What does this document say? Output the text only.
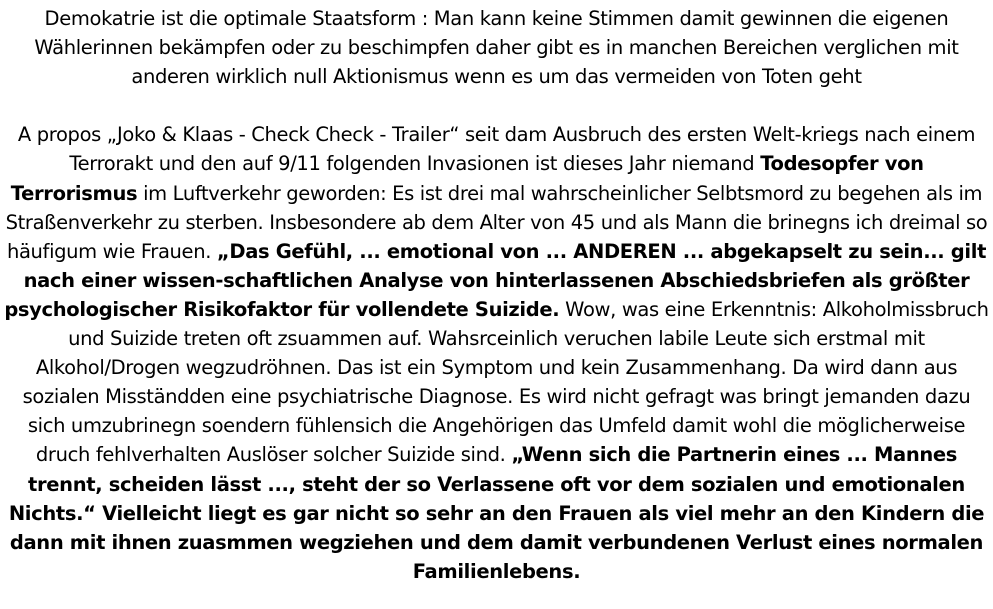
Demokatrie ist die optimale Staatsform : Man kann keine Stimmen damit gewinnen die eigenen Wählerinnen bekämpfen oder zu beschimpfen daher gibt es in manchen Bereichen verglichen mit anderen wirklich null Aktionismus wenn es um das vermeiden von Toten geht

A propos „Joko & Klaas - Check Check - Trailer“ seit dam Ausbruch des ersten Welt-kriegs nach einem Terrorakt und den auf 9/11 folgenden Invasionen ist dieses Jahr niemand Todesopfer von Terrorismus im Luftverkehr geworden: Es ist drei mal wahrscheinlicher Selbtsmord zu begehen als im Straßenverkehr zu sterben. Insbesondere ab dem Alter von 45 und als Mann die brinegns ich dreimal so häufigum wie Frauen. „Das Gefühl, ... emotional von ... ANDEREN ... abgekapselt zu sein... gilt nach einer wissen-schaftlichen Analyse von hinterlassenen Abschiedsbriefen als größter psychologischer Risikofaktor für vollendete Suizide. Wow, was eine Erkenntnis: Alkoholmissbruch und Suizide treten oft zsuammen auf. Wahsrceinlich veruchen labile Leute sich erstmal mit Alkohol/Drogen wegzudröhnen. Das ist ein Symptom und kein Zusammenhang. Da wird dann aus sozialen Misständden eine psychiatrische Diagnose. Es wird nicht gefragt was bringt jemanden dazu sich umzubrinegn soendern fühlensich die Angehörigen das Umfeld damit wohl die möglicherweise druch fehlverhalten Auslöser solcher Suizide sind. „Wenn sich die Partnerin eines ... Mannes trennt, scheiden lässt ..., steht der so Verlassene oft vor dem sozialen und emotionalen Nichts.“ Vielleicht liegt es gar nicht so sehr an den Frauen als viel mehr an den Kindern die dann mit ihnen zuasmmen wegziehen und dem damit verbundenen Verlust eines normalen Familienlebens.
